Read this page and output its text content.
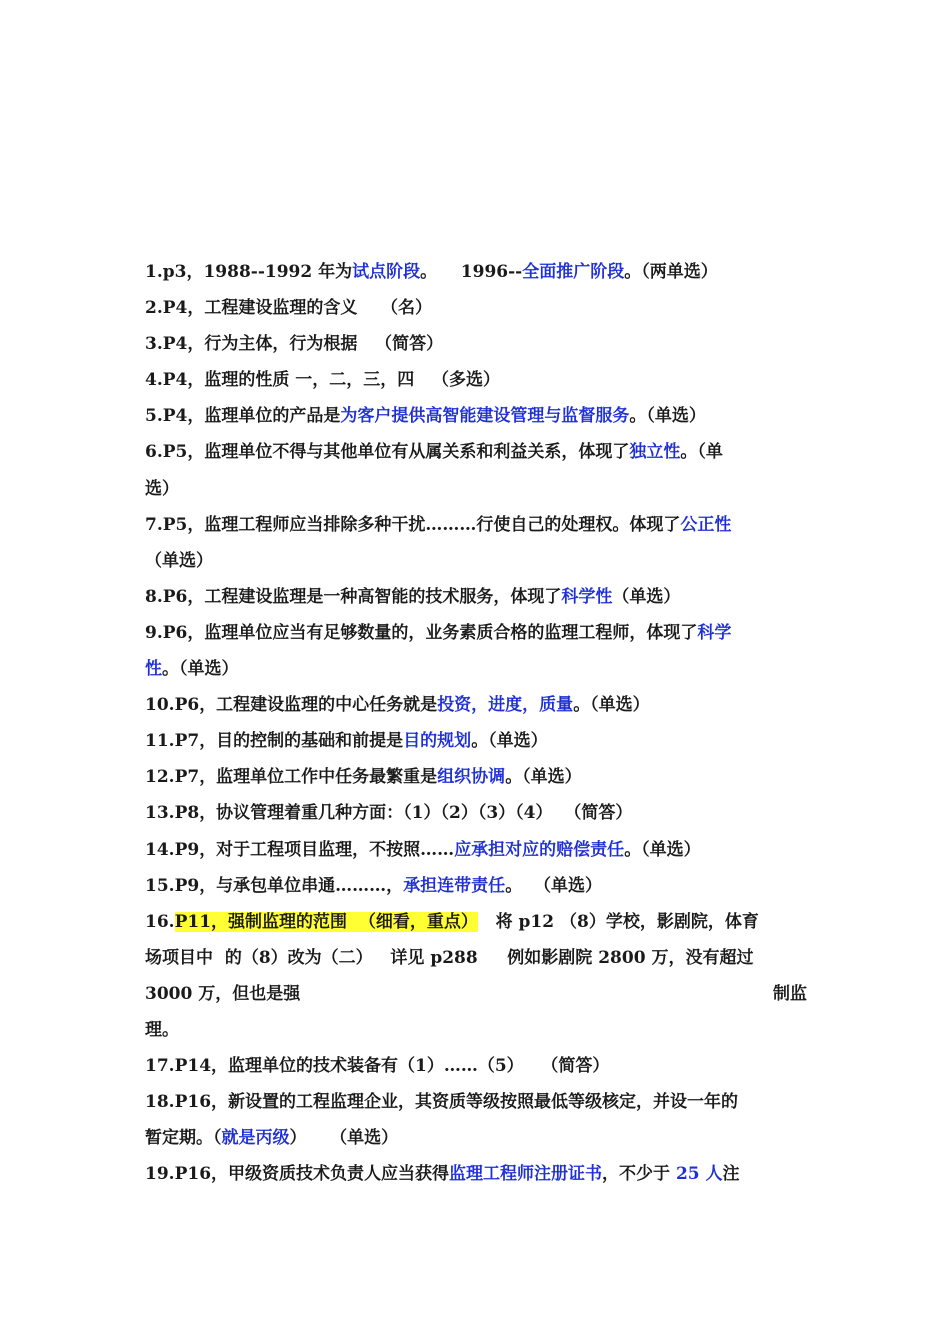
1.p3，1988--1992 年为试点阶段。    1996--全面推广阶段。（两单选）
2.P4，工程建设监理的含义    （名）
3.P4，行为主体，行为根据   （简答）
4.P4，监理的性质 一，二，三，四   （多选）
5.P4，监理单位的产品是为客户提供高智能建设管理与监督服务。（单选）
6.P5，监理单位不得与其他单位有从属关系和利益关系，体现了独立性。（单
选）
7.P5，监理工程师应当排除多种干扰………行使自己的处理权。体现了公正性
（单选）
8.P6，工程建设监理是一种高智能的技术服务，体现了科学性（单选）
9.P6，监理单位应当有足够数量的，业务素质合格的监理工程师，体现了科学
性。（单选）
10.P6，工程建设监理的中心任务就是投资，进度，质量。（单选）
11.P7，目的控制的基础和前提是目的规划。（单选）
12.P7，监理单位工作中任务最繁重是组织协调。（单选）
13.P8，协议管理着重几种方面：（1）（2）（3）（4）  （简答）
14.P9，对于工程项目监理，不按照……应承担对应的赔偿责任。（单选）
15.P9，与承包单位串通………，承担连带责任。  （单选）
16.P11，强制监理的范围  （细看，重点）   将 p12 （8）学校，影剧院，体育
场项目中  的（8）改为（二）   详见 p288     例如影剧院 2800 万，没有超过
3000 万，但也是强	制监
理。
17.P14，监理单位的技术装备有（1）……（5）   （简答）
18.P16，新设置的工程监理企业，其资质等级按照最低等级核定，并设一年的
暂定期。（就是丙级）    （单选）
19.P16，甲级资质技术负责人应当获得监理工程师注册证书，不少于 25 人注
